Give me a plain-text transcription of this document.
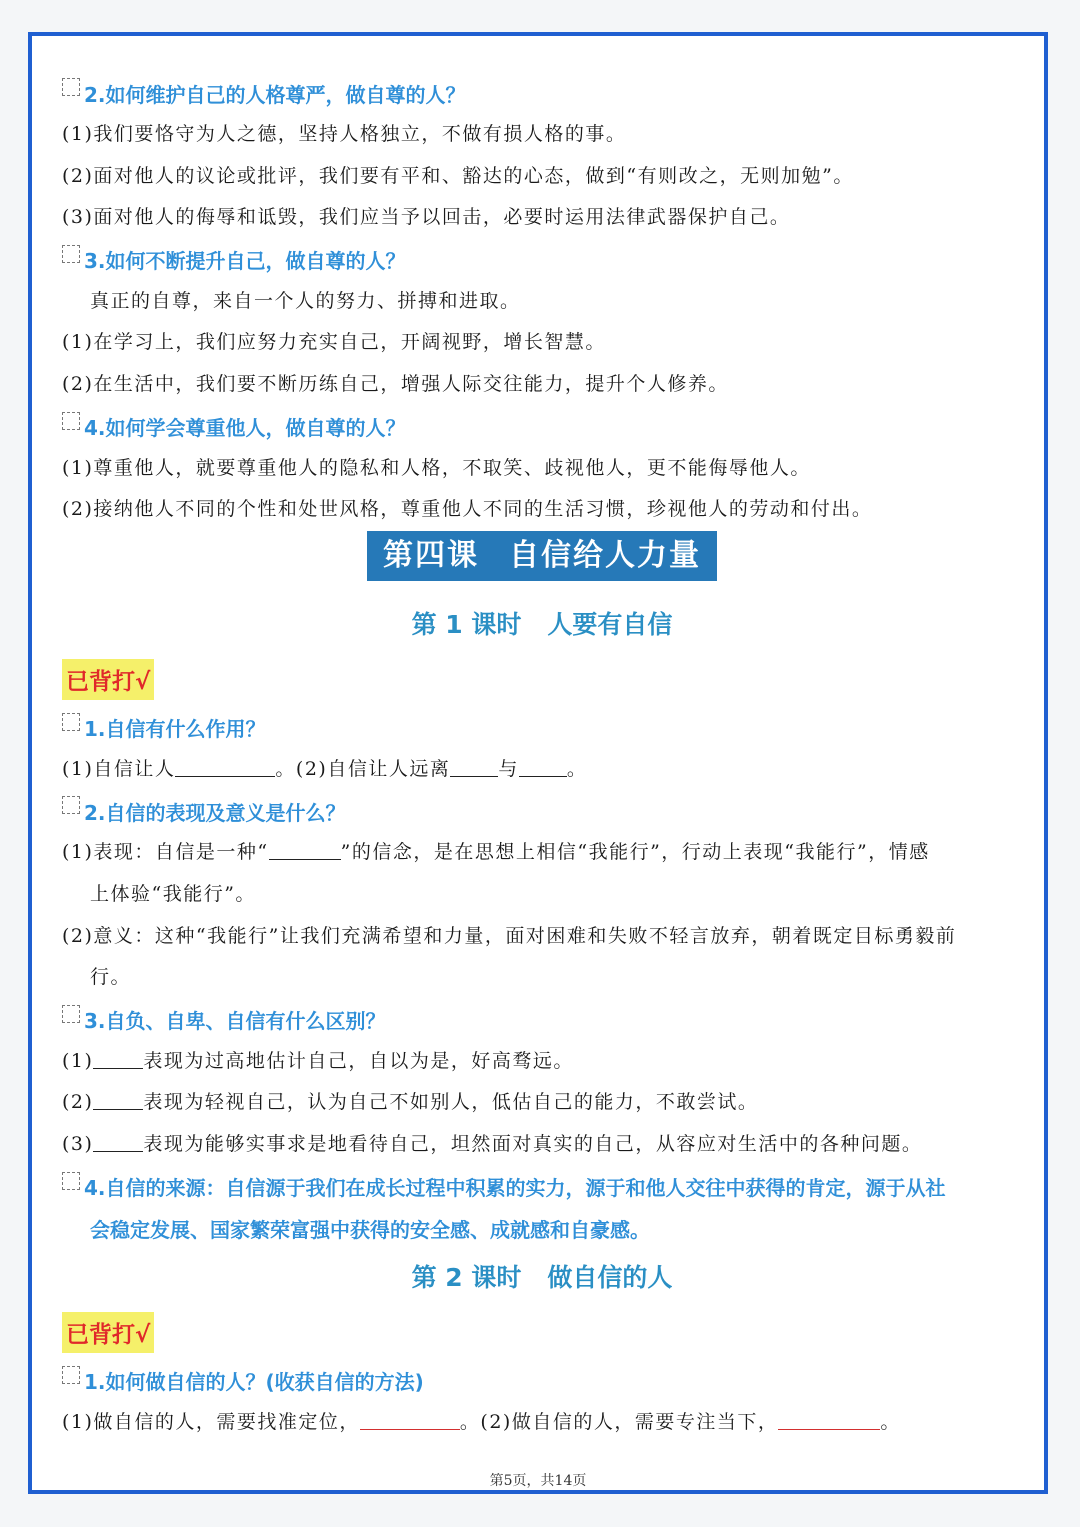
2.如何维护自己的人格尊严，做自尊的人？
(1)我们要恪守为人之德，坚持人格独立，不做有损人格的事。
(2)面对他人的议论或批评，我们要有平和、豁达的心态，做到“有则改之，无则加勉”。
(3)面对他人的侮辱和诋毁，我们应当予以回击，必要时运用法律武器保护自己。
3.如何不断提升自己，做自尊的人？
真正的自尊，来自一个人的努力、拼搏和进取。
(1)在学习上，我们应努力充实自己，开阔视野，增长智慧。
(2)在生活中，我们要不断历练自己，增强人际交往能力，提升个人修养。
4.如何学会尊重他人，做自尊的人？
(1)尊重他人，就要尊重他人的隐私和人格，不取笑、歧视他人，更不能侮辱他人。
(2)接纳他人不同的个性和处世风格，尊重他人不同的生活习惯，珍视他人的劳动和付出。
第四课 自信给人力量
第 1 课时 人要有自信
已背打√
1.自信有什么作用？
(1)自信让人	。(2)自信让人远离	与	。
2.自信的表现及意义是什么？
(1)表现：自信是一种“	”的信念，是在思想上相信“我能行”，行动上表现“我能行”，情感
上体验“我能行”。
(2)意义：这种“我能行”让我们充满希望和力量，面对困难和失败不轻言放弃，朝着既定目标勇毅前
行。
3.自负、自卑、自信有什么区别？
(1)	表现为过高地估计自己，自以为是，好高骛远。
(2)	表现为轻视自己，认为自己不如别人，低估自己的能力，不敢尝试。
(3)	表现为能够实事求是地看待自己，坦然面对真实的自己，从容应对生活中的各种问题。
4.自信的来源：自信源于我们在成长过程中积累的实力，源于和他人交往中获得的肯定，源于从社
会稳定发展、国家繁荣富强中获得的安全感、成就感和自豪感。
第 2 课时 做自信的人
已背打√
1.如何做自信的人？(收获自信的方法)
(1)做自信的人，需要找准定位，	。(2)做自信的人，需要专注当下，	。
第5页，共14页
